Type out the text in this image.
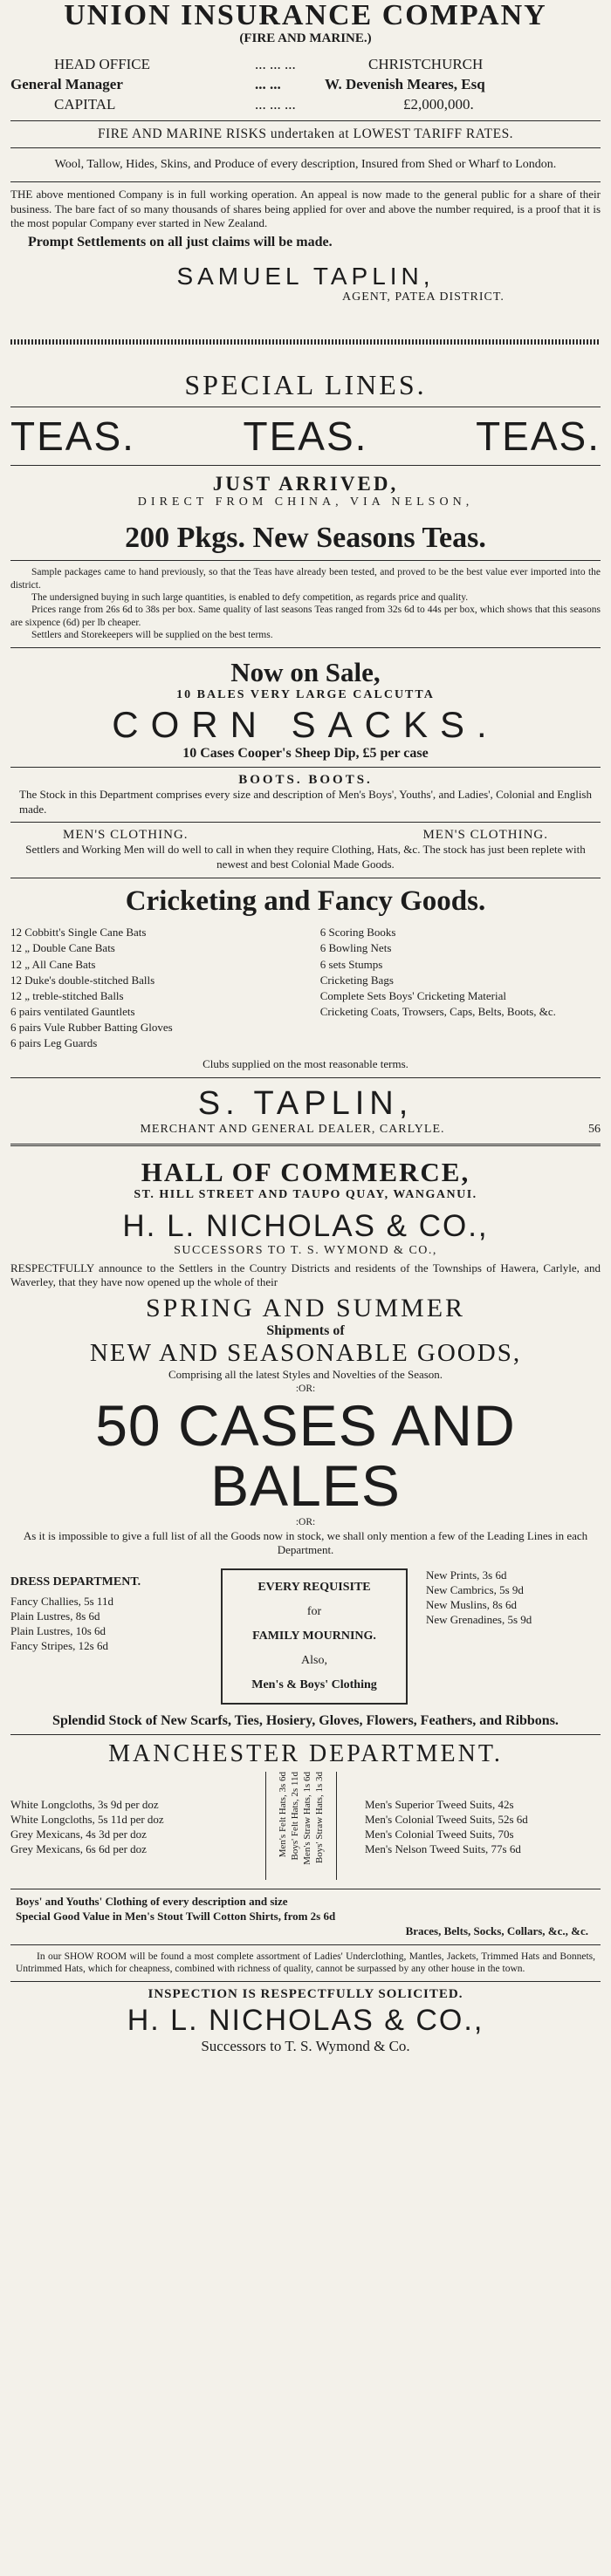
UNION INSURANCE COMPANY
(FIRE AND MARINE.)
HEAD OFFICE	... ... ...	CHRISTCHURCH
General Manager	... ...	W. Devenish Meares, Esq
CAPITAL	... ... ...	£2,000,000.
FIRE AND MARINE RISKS undertaken at LOWEST TARIFF RATES.
Wool, Tallow, Hides, Skins, and Produce of every description, Insured from Shed or Wharf to London.
THE above mentioned Company is in full working operation. An appeal is now made to the general public for a share of their business. The bare fact of so many thousands of shares being applied for over and above the number required, is a proof that it is the most popular Company ever started in New Zealand.
Prompt Settlements on all just claims will be made.
SAMUEL TAPLIN,
AGENT, PATEA DISTRICT.
SPECIAL LINES.
TEAS.	TEAS.	TEAS.
JUST ARRIVED,
DIRECT FROM CHINA, VIA NELSON,
200 Pkgs. New Seasons Teas.
Sample packages came to hand previously, so that the Teas have already been tested, and proved to be the best value ever imported into the district.
The undersigned buying in such large quantities, is enabled to defy competition, as regards price and quality.
Prices range from 26s 6d to 38s per box. Same quality of last seasons Teas ranged from 32s 6d to 44s per box, which shows that this seasons are sixpence (6d) per lb cheaper.
Settlers and Storekeepers will be supplied on the best terms.
Now on Sale,
10 BALES VERY LARGE CALCUTTA
CORN SACKS.
10 Cases Cooper's Sheep Dip, £5 per case
BOOTS. BOOTS.
The Stock in this Department comprises every size and description of Men's Boys', Youths', and Ladies', Colonial and English made.
MEN'S CLOTHING.	MEN'S CLOTHING.
Settlers and Working Men will do well to call in when they require Clothing, Hats, &c. The stock has just been replete with newest and best Colonial Made Goods.
Cricketing and Fancy Goods.
12 Cobbitt's Single Cane Bats
12 „ Double Cane Bats
12 „ All Cane Bats
12 Duke's double-stitched Balls
12 „ treble-stitched Balls
6 pairs ventilated Gauntlets
6 pairs Vule Rubber Batting Gloves
6 pairs Leg Guards
6 Scoring Books
6 Bowling Nets
6 sets Stumps
Cricketing Bags
Complete Sets Boys' Cricketing Material
Cricketing Coats, Trowsers, Caps, Belts, Boots, &c.
Clubs supplied on the most reasonable terms.
S. TAPLIN,
MERCHANT AND GENERAL DEALER, CARLYLE.	56
HALL OF COMMERCE,
ST. HILL STREET AND TAUPO QUAY, WANGANUI.
H. L. NICHOLAS & CO.,
SUCCESSORS TO T. S. WYMOND & CO.,
RESPECTFULLY announce to the Settlers in the Country Districts and residents of the Townships of Hawera, Carlyle, and Waverley, that they have now opened up the whole of their
SPRING AND SUMMER
Shipments of
NEW AND SEASONABLE GOODS,
Comprising all the latest Styles and Novelties of the Season.
:OR:
50 CASES AND BALES
:OR:
As it is impossible to give a full list of all the Goods now in stock, we shall only mention a few of the Leading Lines in each Department.
DRESS DEPARTMENT.
Fancy Challies, 5s 11d
Plain Lustres, 8s 6d
Plain Lustres, 10s 6d
Fancy Stripes, 12s 6d
EVERY REQUISITE
for
FAMILY MOURNING.
Also,
Men's & Boys' Clothing
New Prints, 3s 6d
New Cambrics, 5s 9d
New Muslins, 8s 6d
New Grenadines, 5s 9d
Splendid Stock of New Scarfs, Ties, Hosiery, Gloves, Flowers, Feathers, and Ribbons.
MANCHESTER DEPARTMENT.
White Longcloths, 3s 9d per doz
White Longcloths, 5s 11d per doz
Grey Mexicans, 4s 3d per doz
Grey Mexicans, 6s 6d per doz	Men's Felt Hats, 3s 6d Boys' Felt Hats, 2s 11d Men's Straw Hats, 1s 6d Boys' Straw Hats, 1s 3d	Men's Superior Tweed Suits, 42s
Men's Colonial Tweed Suits, 52s 6d
Men's Colonial Tweed Suits, 70s
Men's Nelson Tweed Suits, 77s 6d
Boys' and Youths' Clothing of every description and size
Special Good Value in Men's Stout Twill Cotton Shirts, from 2s 6d
Braces, Belts, Socks, Collars, &c., &c.
In our SHOW ROOM will be found a most complete assortment of Ladies' Underclothing, Mantles, Jackets, Trimmed Hats and Bonnets, Untrimmed Hats, which for cheapness, combined with richness of quality, cannot be surpassed by any other house in the town.
INSPECTION IS RESPECTFULLY SOLICITED.
H. L. NICHOLAS & CO.,
Successors to T. S. Wymond & Co.
